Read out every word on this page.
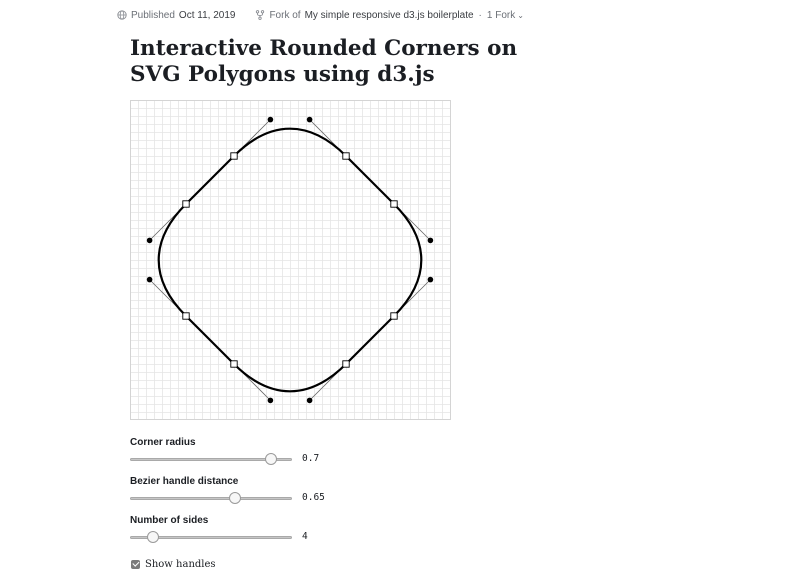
Published Oct 11, 2019	Fork of My simple responsive d3.js boilerplate · 1 Fork ⌄
Interactive Rounded Corners on SVG Polygons using d3.js
Corner radius
0.7
Bezier handle distance
0.65
Number of sides
4
Show handles
